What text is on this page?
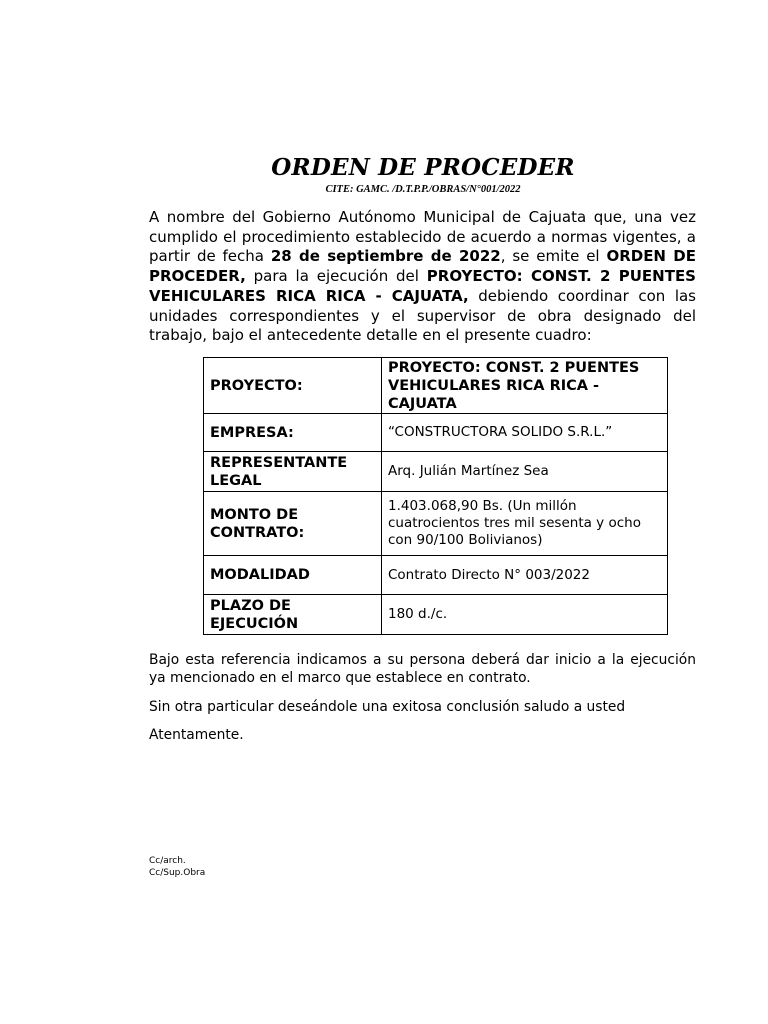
ORDEN DE PROCEDER
CITE: GAMC. /D.T.P.P./OBRAS/N°001/2022

A nombre del Gobierno Autónomo Municipal de Cajuata que, una vez cumplido el procedimiento establecido de acuerdo a normas vigentes, a partir de fecha 28 de septiembre de 2022, se emite el ORDEN DE PROCEDER, para la ejecución del PROYECTO: CONST. 2 PUENTES VEHICULARES RICA RICA - CAJUATA, debiendo coordinar con las unidades correspondientes y el supervisor de obra designado del trabajo, bajo el antecedente detalle en el presente cuadro:

PROYECTO:	PROYECTO: CONST. 2 PUENTES VEHICULARES RICA RICA - CAJUATA
EMPRESA:	“CONSTRUCTORA SOLIDO S.R.L.”
REPRESENTANTE LEGAL	Arq. Julián Martínez Sea
MONTO DE CONTRATO:	1.403.068,90 Bs. (Un millón cuatrocientos tres mil sesenta y ocho con 90/100 Bolivianos)
MODALIDAD	Contrato Directo N° 003/2022
PLAZO DE EJECUCIÓN	180 d./c.

Bajo esta referencia indicamos a su persona deberá dar inicio a la ejecución ya mencionado en el marco que establece en contrato.

Sin otra particular deseándole una exitosa conclusión saludo a usted

Atentamente.

Cc/arch.
Cc/Sup.Obra
